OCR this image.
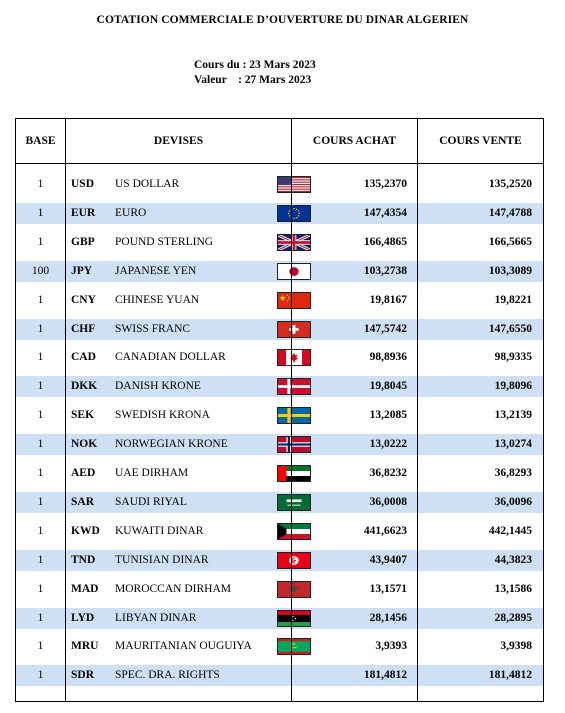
COTATION COMMERCIALE D’OUVERTURE DU DINAR ALGERIEN
Cours du : 23 Mars 2023
Valeur    : 27 Mars 2023
1	USD US DOLLAR	135,2370	135,2520
1	EUR EURO	147,4354	147,4788
1	GBP POUND STERLING	166,4865	166,5665
100	JPY JAPANESE YEN	103,2738	103,3089
1	CNY CHINESE YUAN	19,8167	19,8221
1	CHF SWISS FRANC	147,5742	147,6550
1	CAD CANADIAN DOLLAR	98,8936	98,9335
1	DKK DANISH KRONE	19,8045	19,8096
1	SEK SWEDISH KRONA	13,2085	13,2139
1	NOK NORWEGIAN KRONE	13,0222	13,0274
1	AED UAE DIRHAM	36,8232	36,8293
1	SAR SAUDI RIYAL	36,0008	36,0096
1	KWD KUWAITI DINAR	441,6623	442,1445
1	TND TUNISIAN DINAR	43,9407	44,3823
1	MAD MOROCCAN DIRHAM	13,1571	13,1586
1	LYD LIBYAN DINAR	28,1456	28,2895
1	MRU MAURITANIAN OUGUIYA	3,9393	3,9398
1	SDR SPEC. DRA. RIGHTS	181,4812	181,4812
BASE	DEVISES	COURS ACHAT	COURS VENTE
